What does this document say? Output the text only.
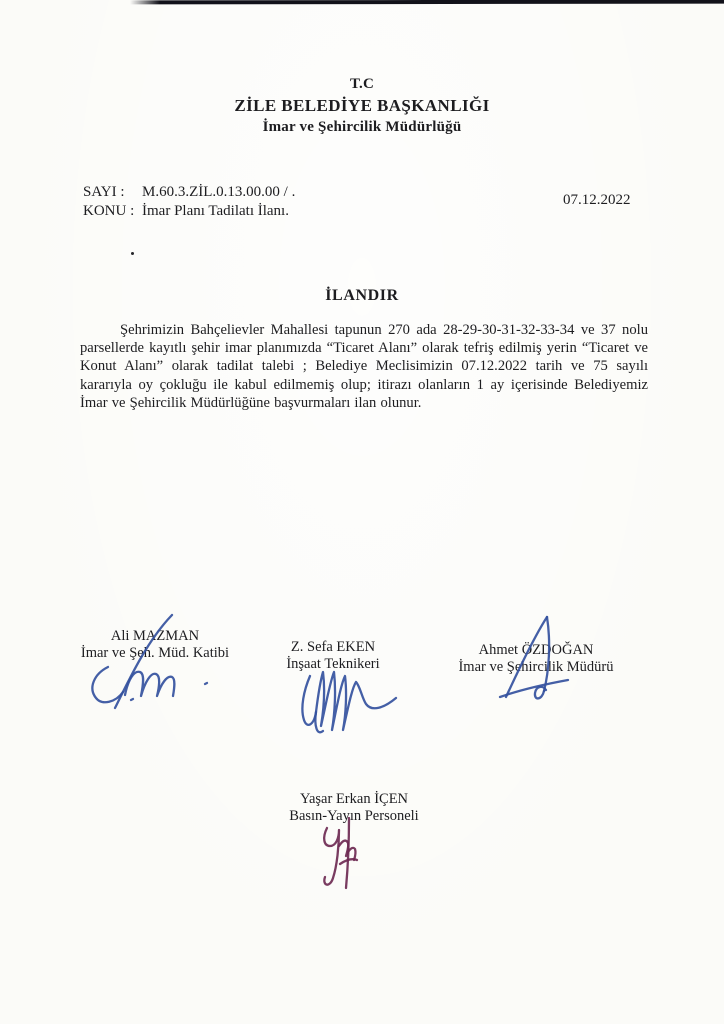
T.C
ZİLE BELEDİYE BAŞKANLIĞI
İmar ve Şehircilik Müdürlüğü
SAYI :	M.60.3.ZİL.0.13.00.00 / .
KONU : İmar Planı Tadilatı İlanı.
07.12.2022
İLANDIR
Şehrimizin Bahçelievler Mahallesi tapunun 270 ada 28-29-30-31-32-33-34 ve 37 nolu parsellerde kayıtlı şehir imar planımızda “Ticaret Alanı” olarak tefriş edilmiş yerin “Ticaret ve Konut Alanı” olarak tadilat talebi ; Belediye Meclisimizin 07.12.2022 tarih ve 75 sayılı kararıyla oy çokluğu ile kabul edilmemiş olup; itirazı olanların 1 ay içerisinde Belediyemiz İmar ve Şehircilik Müdürlüğüne başvurmaları ilan olunur.
Ali MAZMAN
İmar ve Şeh. Müd. Katibi	Z. Sefa EKEN
İnşaat Teknikeri
Ahmet ÖZDOĞAN
İmar ve Şehircilik Müdürü
Yaşar Erkan İÇEN
Basın-Yayın Personeli
